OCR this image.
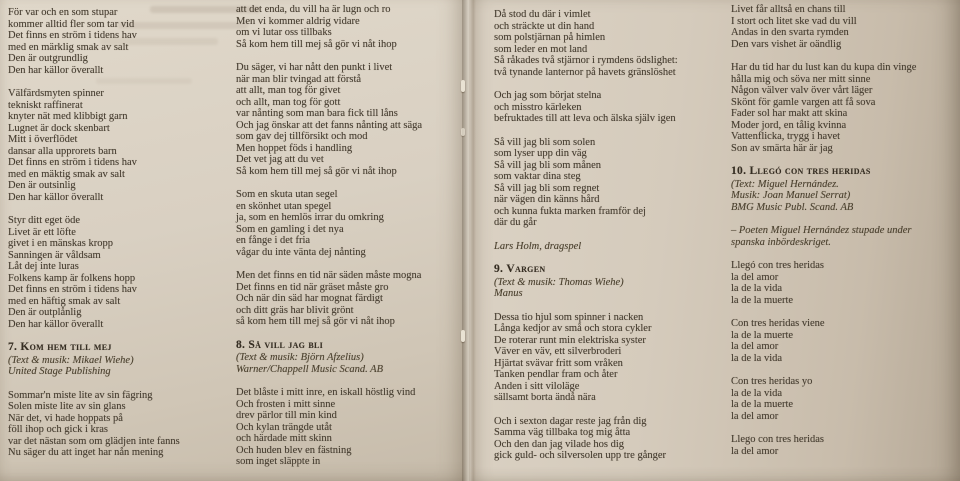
För var och en som stupar
kommer alltid fler som tar vid
Det finns en ström i tidens hav
med en märklig smak av salt
Den är outgrundlig
Den har källor överallt
Välfärdsmyten spinner
tekniskt raffinerat
knyter nät med klibbigt garn
Lugnet är dock skenbart
Mitt i överflödet
dansar alla upprorets barn
Det finns en ström i tidens hav
med en mäktig smak av salt
Den är outsinlig
Den har källor överallt
Styr ditt eget öde
Livet är ett löfte
givet i en mänskas kropp
Sanningen är våldsam
Låt dej inte luras
Folkens kamp är folkens hopp
Det finns en ström i tidens hav
med en häftig smak av salt
Den är outplånlig
Den har källor överallt
7. Kom hem till mej
(Text & musik: Mikael Wiehe)
United Stage Publishing
Sommar'n miste lite av sin fägring
Solen miste lite av sin glans
När det, vi hade hoppats på
föll ihop och gick i kras
var det nästan som om glädjen inte fanns
Nu säger du att inget har nån mening
att det enda, du vill ha är lugn och ro
Men vi kommer aldrig vidare
om vi lutar oss tillbaks
Så kom hem till mej så gör vi nåt ihop
Du säger, vi har nått den punkt i livet
när man blir tvingad att förstå
att allt, man tog för givet
och allt, man tog för gott
var nånting som man bara fick till låns
Och jag önskar att det fanns nånting att säga
som gav dej tillförsikt och mod
Men hoppet föds i handling
Det vet jag att du vet
Så kom hem till mej så gör vi nåt ihop
Som en skuta utan segel
en skönhet utan spegel
ja, som en hemlös irrar du omkring
Som en gamling i det nya
en fånge i det fria
vågar du inte vänta dej nånting
Men det finns en tid när säden måste mogna
Det finns en tid när gräset måste gro
Och när din säd har mognat färdigt
och ditt gräs har blivit grönt
så kom hem till mej så gör vi nåt ihop
8. Så vill jag bli
(Text & musik: Björn Afzelius)
Warner/Chappell Music Scand. AB
Det blåste i mitt inre, en iskall höstlig vind
Och frosten i mitt sinne
drev pärlor till min kind
Och kylan trängde utåt
och härdade mitt skinn
Och huden blev en fästning
som inget släppte in
Då stod du där i vimlet
och sträckte ut din hand
som polstjärnan på himlen
som leder en mot land
Så råkades två stjärnor i rymdens ödslighet:
två tynande lanternor på havets gränslöshet
Och jag som börjat stelna
och misstro kärleken
befruktades till att leva och älska själv igen
Så vill jag bli som solen
som lyser upp din väg
Så vill jag bli som månen
som vaktar dina steg
Så vill jag bli som regnet
när vägen din känns hård
och kunna fukta marken framför dej
där du går
Lars Holm, dragspel
9. Vargen
(Text & musik: Thomas Wiehe)
Manus
Dessa tio hjul som spinner i nacken
Långa kedjor av små och stora cykler
De roterar runt min elektriska syster
Väver en väv, ett silverbroderi
Hjärtat svävar fritt som vråken
Tanken pendlar fram och åter
Anden i sitt viloläge
sällsamt borta ändå nära
Och i sexton dagar reste jag från dig
Samma väg tillbaka tog mig åtta
Och den dan jag vilade hos dig
gick guld- och silversolen upp tre gånger
Livet får alltså en chans till
I stort och litet ske vad du vill
Andas in den svarta rymden
Den vars vishet är oändlig
Har du tid har du lust kan du kupa din vinge
hålla mig och söva ner mitt sinne
Någon välver valv över vårt läger
Skönt för gamle vargen att få sova
Fader sol har makt att skina
Moder jord, en tålig kvinna
Vattenflicka, trygg i havet
Son av smärta här är jag
10. Llegó con tres heridas
(Text: Miguel Hernández.
Musik: Joan Manuel Serrat)
BMG Music Publ. Scand. AB
– Poeten Miguel Hernández stupade under
spanska inbördeskriget.
Llegó con tres heridas
la del amor
la de la vida
la de la muerte
Con tres heridas viene
la de la muerte
la del amor
la de la vida
Con tres heridas yo
la de la vida
la de la muerte
la del amor
Llego con tres heridas
la del amor
